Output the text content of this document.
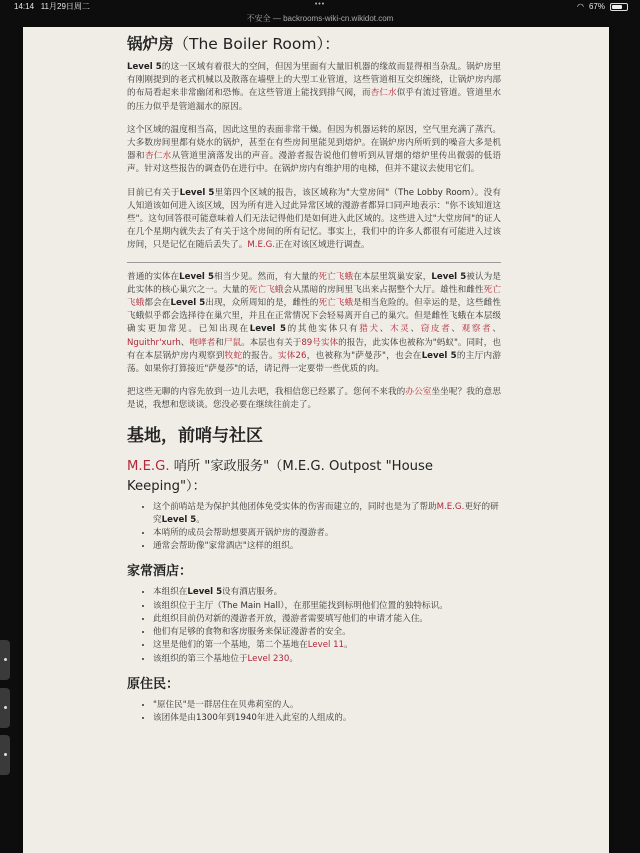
•••
14:14 11月29日周二	◠ 67%
不安全 — backrooms-wiki-cn.wikidot.com
锅炉房（The Boiler Room）：

Level 5的这一区域有着很大的空间，但因为里面有大量旧机器的缘故而显得相当杂乱。锅炉房里有刚刚提到的老式机械以及散落在墙壁上的大型工业管道，这些管道相互交织缠绕，让锅炉房内部的布局看起来非常幽闭和恐怖。在这些管道上能找到排气阀，而杏仁水似乎有流过管道。管道里水的压力似乎是管道漏水的原因。

这个区域的温度相当高，因此这里的表面非常干燥。但因为机器运转的原因，空气里充满了蒸汽。大多数房间里都有烧水的锅炉，甚至在有些房间里能见到熔炉。在锅炉房内所听到的噪音大多是机器和杏仁水从管道里滴落发出的声音。漫游者报告说他们曾听到从冒烟的熔炉里传出微弱的低语声。针对这些报告的调查仍在进行中。在锅炉房内有维护用的电梯，但并不建议去使用它们。

目前已有关于Level 5里第四个区域的报告，该区域称为"大堂房间"（The Lobby Room）。没有人知道该如何进入该区域，因为所有进入过此异常区域的漫游者都异口同声地表示："你不该知道这些"。这句回答很可能意味着人们无法记得他们是如何进入此区域的。这些进入过"大堂房间"的证人在几个星期内就失去了有关于这个房间的所有记忆。事实上，我们中的许多人都很有可能进入过该房间，只是记忆在随后丢失了。M.E.G.正在对该区域进行调查。

普通的实体在Level 5相当少见。然而，有大量的死亡飞蛾在本层里筑巢安家，Level 5被认为是此实体的核心巢穴之一。大量的死亡飞蛾会从黑暗的房间里飞出来占据整个大厅。雄性和雌性死亡飞蛾都会在Level 5出现，众所周知的是，雌性的死亡飞蛾是相当危险的。但幸运的是，这些雌性飞蛾似乎都会选择待在巢穴里，并且在正常情况下会轻易离开自己的巢穴。但是雌性飞蛾在本层级确实更加常见。已知出现在Level 5的其他实体只有猎犬、木灵、窃皮者、观察者、Nguithr'xurh、咆哮者和尸鼠。本层也有关于89号实体的报告，此实体也被称为"蚂蚁"。同时，也有在本层锅炉房内观察到牧蛇的报告。实体26，也被称为"萨曼莎"，也会在Level 5的主厅内游荡。如果你打算接近"萨曼莎"的话，请记得一定要带一些优质的肉。

把这些无聊的内容先放到一边儿去吧，我相信您已经累了。您何不来我的办公室坐坐呢？我的意思是说，我想和您谈谈。您没必要在继续往前走了。

基地，前哨与社区
M.E.G. 哨所 "家政服务"（M.E.G. Outpost "House Keeping"）：
• 这个前哨站是为保护其他团体免受实体的伤害而建立的，同时也是为了帮助M.E.G.更好的研究Level 5。
• 本哨所的成员会帮助想要离开锅炉房的漫游者。
• 通常会帮助像"家常酒店"这样的组织。
家常酒店：
• 本组织在Level 5设有酒店服务。
• 该组织位于主厅（The Main Hall），在那里能找到标明他们位置的独特标识。
• 此组织目前仍对新的漫游者开放，漫游者需要填写他们的申请才能入住。
• 他们有足够的食物和客房服务来保证漫游者的安全。
• 这里是他们的第一个基地，第二个基地在Level 11。
• 该组织的第三个基地位于Level 230。
原住民：
• "原住民"是一群居住在贝弗莉室的人。
• 该团体是由1300年到1940年进入此室的人组成的。
